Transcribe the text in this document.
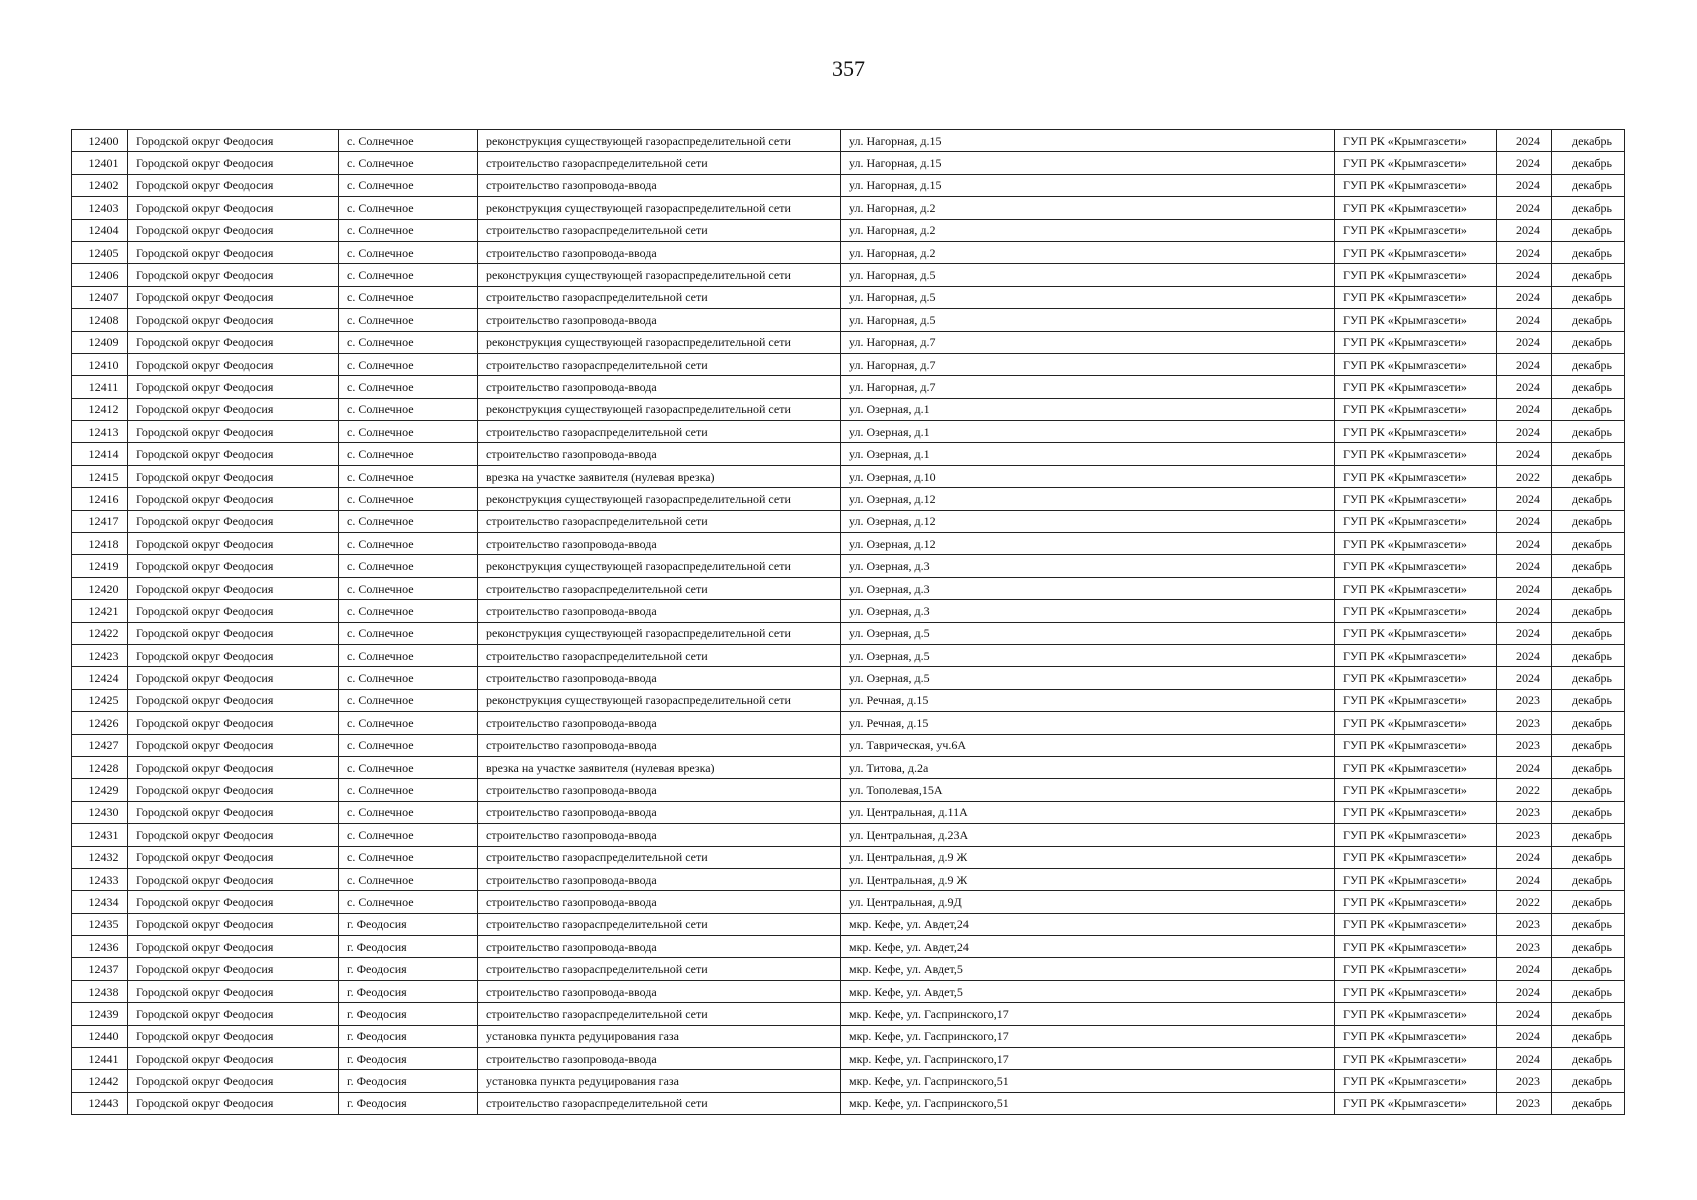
357
12400	Городской округ Феодосия	с. Солнечное	реконструкция существующей газораспределительной сети	ул. Нагорная, д.15	ГУП РК «Крымгазсети»	2024	декабрь
12401	Городской округ Феодосия	с. Солнечное	строительство газораспределительной сети	ул. Нагорная, д.15	ГУП РК «Крымгазсети»	2024	декабрь
12402	Городской округ Феодосия	с. Солнечное	строительство газопровода-ввода	ул. Нагорная, д.15	ГУП РК «Крымгазсети»	2024	декабрь
12403	Городской округ Феодосия	с. Солнечное	реконструкция существующей газораспределительной сети	ул. Нагорная, д.2	ГУП РК «Крымгазсети»	2024	декабрь
12404	Городской округ Феодосия	с. Солнечное	строительство газораспределительной сети	ул. Нагорная, д.2	ГУП РК «Крымгазсети»	2024	декабрь
12405	Городской округ Феодосия	с. Солнечное	строительство газопровода-ввода	ул. Нагорная, д.2	ГУП РК «Крымгазсети»	2024	декабрь
12406	Городской округ Феодосия	с. Солнечное	реконструкция существующей газораспределительной сети	ул. Нагорная, д.5	ГУП РК «Крымгазсети»	2024	декабрь
12407	Городской округ Феодосия	с. Солнечное	строительство газораспределительной сети	ул. Нагорная, д.5	ГУП РК «Крымгазсети»	2024	декабрь
12408	Городской округ Феодосия	с. Солнечное	строительство газопровода-ввода	ул. Нагорная, д.5	ГУП РК «Крымгазсети»	2024	декабрь
12409	Городской округ Феодосия	с. Солнечное	реконструкция существующей газораспределительной сети	ул. Нагорная, д.7	ГУП РК «Крымгазсети»	2024	декабрь
12410	Городской округ Феодосия	с. Солнечное	строительство газораспределительной сети	ул. Нагорная, д.7	ГУП РК «Крымгазсети»	2024	декабрь
12411	Городской округ Феодосия	с. Солнечное	строительство газопровода-ввода	ул. Нагорная, д.7	ГУП РК «Крымгазсети»	2024	декабрь
12412	Городской округ Феодосия	с. Солнечное	реконструкция существующей газораспределительной сети	ул. Озерная, д.1	ГУП РК «Крымгазсети»	2024	декабрь
12413	Городской округ Феодосия	с. Солнечное	строительство газораспределительной сети	ул. Озерная, д.1	ГУП РК «Крымгазсети»	2024	декабрь
12414	Городской округ Феодосия	с. Солнечное	строительство газопровода-ввода	ул. Озерная, д.1	ГУП РК «Крымгазсети»	2024	декабрь
12415	Городской округ Феодосия	с. Солнечное	врезка на участке заявителя (нулевая врезка)	ул. Озерная, д.10	ГУП РК «Крымгазсети»	2022	декабрь
12416	Городской округ Феодосия	с. Солнечное	реконструкция существующей газораспределительной сети	ул. Озерная, д.12	ГУП РК «Крымгазсети»	2024	декабрь
12417	Городской округ Феодосия	с. Солнечное	строительство газораспределительной сети	ул. Озерная, д.12	ГУП РК «Крымгазсети»	2024	декабрь
12418	Городской округ Феодосия	с. Солнечное	строительство газопровода-ввода	ул. Озерная, д.12	ГУП РК «Крымгазсети»	2024	декабрь
12419	Городской округ Феодосия	с. Солнечное	реконструкция существующей газораспределительной сети	ул. Озерная, д.3	ГУП РК «Крымгазсети»	2024	декабрь
12420	Городской округ Феодосия	с. Солнечное	строительство газораспределительной сети	ул. Озерная, д.3	ГУП РК «Крымгазсети»	2024	декабрь
12421	Городской округ Феодосия	с. Солнечное	строительство газопровода-ввода	ул. Озерная, д.3	ГУП РК «Крымгазсети»	2024	декабрь
12422	Городской округ Феодосия	с. Солнечное	реконструкция существующей газораспределительной сети	ул. Озерная, д.5	ГУП РК «Крымгазсети»	2024	декабрь
12423	Городской округ Феодосия	с. Солнечное	строительство газораспределительной сети	ул. Озерная, д.5	ГУП РК «Крымгазсети»	2024	декабрь
12424	Городской округ Феодосия	с. Солнечное	строительство газопровода-ввода	ул. Озерная, д.5	ГУП РК «Крымгазсети»	2024	декабрь
12425	Городской округ Феодосия	с. Солнечное	реконструкция существующей газораспределительной сети	ул. Речная, д.15	ГУП РК «Крымгазсети»	2023	декабрь
12426	Городской округ Феодосия	с. Солнечное	строительство газопровода-ввода	ул. Речная, д.15	ГУП РК «Крымгазсети»	2023	декабрь
12427	Городской округ Феодосия	с. Солнечное	строительство газопровода-ввода	ул. Таврическая, уч.6А	ГУП РК «Крымгазсети»	2023	декабрь
12428	Городской округ Феодосия	с. Солнечное	врезка на участке заявителя (нулевая врезка)	ул. Титова, д.2а	ГУП РК «Крымгазсети»	2024	декабрь
12429	Городской округ Феодосия	с. Солнечное	строительство газопровода-ввода	ул. Тополевая,15А	ГУП РК «Крымгазсети»	2022	декабрь
12430	Городской округ Феодосия	с. Солнечное	строительство газопровода-ввода	ул. Центральная, д.11А	ГУП РК «Крымгазсети»	2023	декабрь
12431	Городской округ Феодосия	с. Солнечное	строительство газопровода-ввода	ул. Центральная, д.23А	ГУП РК «Крымгазсети»	2023	декабрь
12432	Городской округ Феодосия	с. Солнечное	строительство газораспределительной сети	ул. Центральная, д.9 Ж	ГУП РК «Крымгазсети»	2024	декабрь
12433	Городской округ Феодосия	с. Солнечное	строительство газопровода-ввода	ул. Центральная, д.9 Ж	ГУП РК «Крымгазсети»	2024	декабрь
12434	Городской округ Феодосия	с. Солнечное	строительство газопровода-ввода	ул. Центральная, д.9Д	ГУП РК «Крымгазсети»	2022	декабрь
12435	Городской округ Феодосия	г. Феодосия	строительство газораспределительной сети	мкр. Кефе, ул. Авдет,24	ГУП РК «Крымгазсети»	2023	декабрь
12436	Городской округ Феодосия	г. Феодосия	строительство газопровода-ввода	мкр. Кефе, ул. Авдет,24	ГУП РК «Крымгазсети»	2023	декабрь
12437	Городской округ Феодосия	г. Феодосия	строительство газораспределительной сети	мкр. Кефе, ул. Авдет,5	ГУП РК «Крымгазсети»	2024	декабрь
12438	Городской округ Феодосия	г. Феодосия	строительство газопровода-ввода	мкр. Кефе, ул. Авдет,5	ГУП РК «Крымгазсети»	2024	декабрь
12439	Городской округ Феодосия	г. Феодосия	строительство газораспределительной сети	мкр. Кефе, ул. Гаспринского,17	ГУП РК «Крымгазсети»	2024	декабрь
12440	Городской округ Феодосия	г. Феодосия	установка пункта редуцирования газа	мкр. Кефе, ул. Гаспринского,17	ГУП РК «Крымгазсети»	2024	декабрь
12441	Городской округ Феодосия	г. Феодосия	строительство газопровода-ввода	мкр. Кефе, ул. Гаспринского,17	ГУП РК «Крымгазсети»	2024	декабрь
12442	Городской округ Феодосия	г. Феодосия	установка пункта редуцирования газа	мкр. Кефе, ул. Гаспринского,51	ГУП РК «Крымгазсети»	2023	декабрь
12443	Городской округ Феодосия	г. Феодосия	строительство газораспределительной сети	мкр. Кефе, ул. Гаспринского,51	ГУП РК «Крымгазсети»	2023	декабрь
